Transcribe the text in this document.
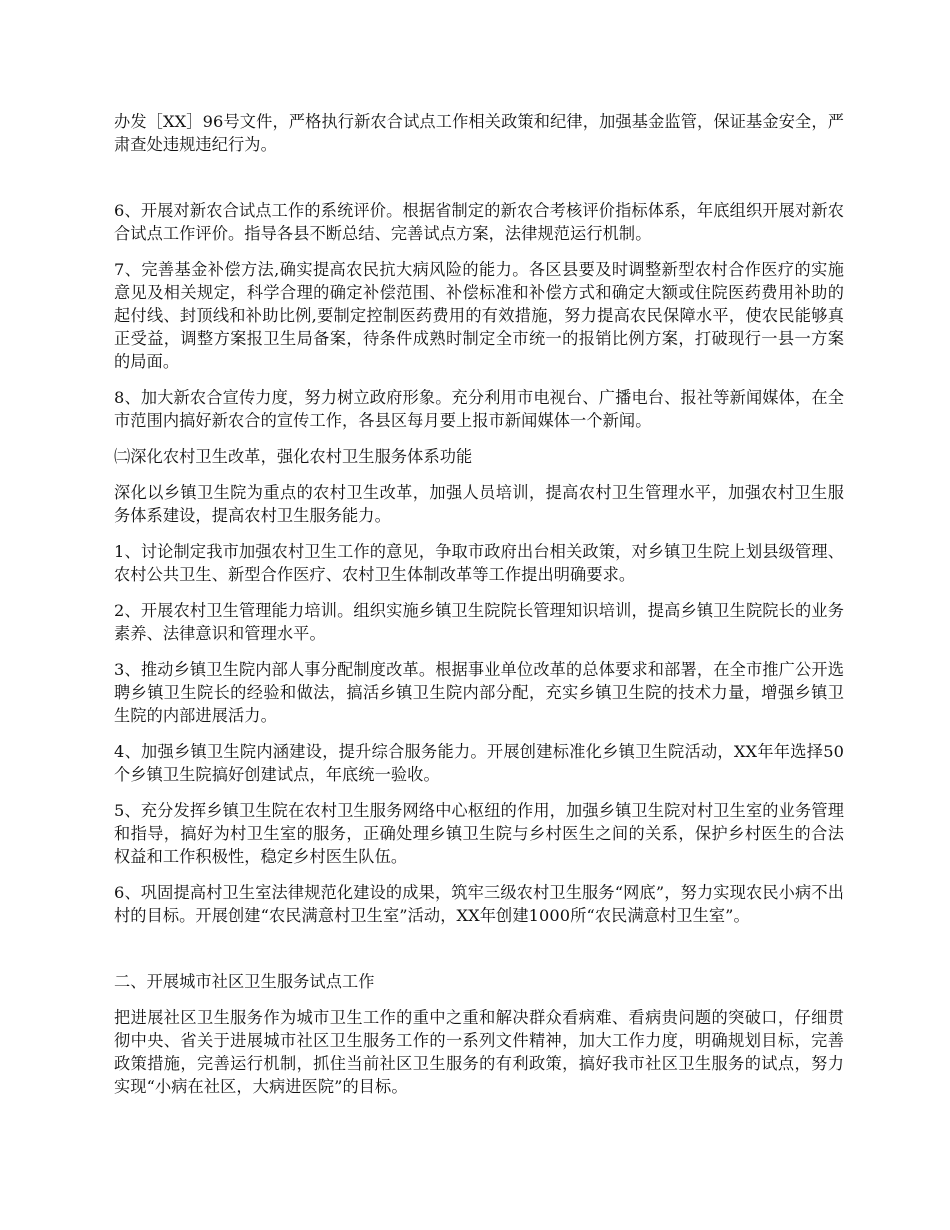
办发［XX］96号文件，严格执行新农合试点工作相关政策和纪律，加强基金监管，保证基金安全，严肃查处违规违纪行为。

6、开展对新农合试点工作的系统评价。根据省制定的新农合考核评价指标体系，年底组织开展对新农合试点工作评价。指导各县不断总结、完善试点方案，法律规范运行机制。

7、完善基金补偿方法,确实提高农民抗大病风险的能力。各区县要及时调整新型农村合作医疗的实施意见及相关规定，科学合理的确定补偿范围、补偿标准和补偿方式和确定大额或住院医药费用补助的起付线、封顶线和补助比例,要制定控制医药费用的有效措施，努力提高农民保障水平，使农民能够真正受益，调整方案报卫生局备案，待条件成熟时制定全市统一的报销比例方案，打破现行一县一方案的局面。

8、加大新农合宣传力度，努力树立政府形象。充分利用市电视台、广播电台、报社等新闻媒体，在全市范围内搞好新农合的宣传工作，各县区每月要上报市新闻媒体一个新闻。

㈡深化农村卫生改革，强化农村卫生服务体系功能

深化以乡镇卫生院为重点的农村卫生改革，加强人员培训，提高农村卫生管理水平，加强农村卫生服务体系建设，提高农村卫生服务能力。

1、讨论制定我市加强农村卫生工作的意见，争取市政府出台相关政策，对乡镇卫生院上划县级管理、农村公共卫生、新型合作医疗、农村卫生体制改革等工作提出明确要求。

2、开展农村卫生管理能力培训。组织实施乡镇卫生院院长管理知识培训，提高乡镇卫生院院长的业务素养、法律意识和管理水平。

3、推动乡镇卫生院内部人事分配制度改革。根据事业单位改革的总体要求和部署，在全市推广公开选聘乡镇卫生院长的经验和做法，搞活乡镇卫生院内部分配，充实乡镇卫生院的技术力量，增强乡镇卫生院的内部进展活力。

4、加强乡镇卫生院内涵建设，提升综合服务能力。开展创建标准化乡镇卫生院活动，XX年年选择50个乡镇卫生院搞好创建试点，年底统一验收。

5、充分发挥乡镇卫生院在农村卫生服务网络中心枢纽的作用，加强乡镇卫生院对村卫生室的业务管理和指导，搞好为村卫生室的服务，正确处理乡镇卫生院与乡村医生之间的关系，保护乡村医生的合法权益和工作积极性，稳定乡村医生队伍。

6、巩固提高村卫生室法律规范化建设的成果，筑牢三级农村卫生服务“网底”，努力实现农民小病不出村的目标。开展创建“农民满意村卫生室”活动，XX年创建1000所“农民满意村卫生室”。

二、开展城市社区卫生服务试点工作

把进展社区卫生服务作为城市卫生工作的重中之重和解决群众看病难、看病贵问题的突破口，仔细贯彻中央、省关于进展城市社区卫生服务工作的一系列文件精神，加大工作力度，明确规划目标，完善政策措施，完善运行机制，抓住当前社区卫生服务的有利政策，搞好我市社区卫生服务的试点，努力实现“小病在社区，大病进医院”的目标。
